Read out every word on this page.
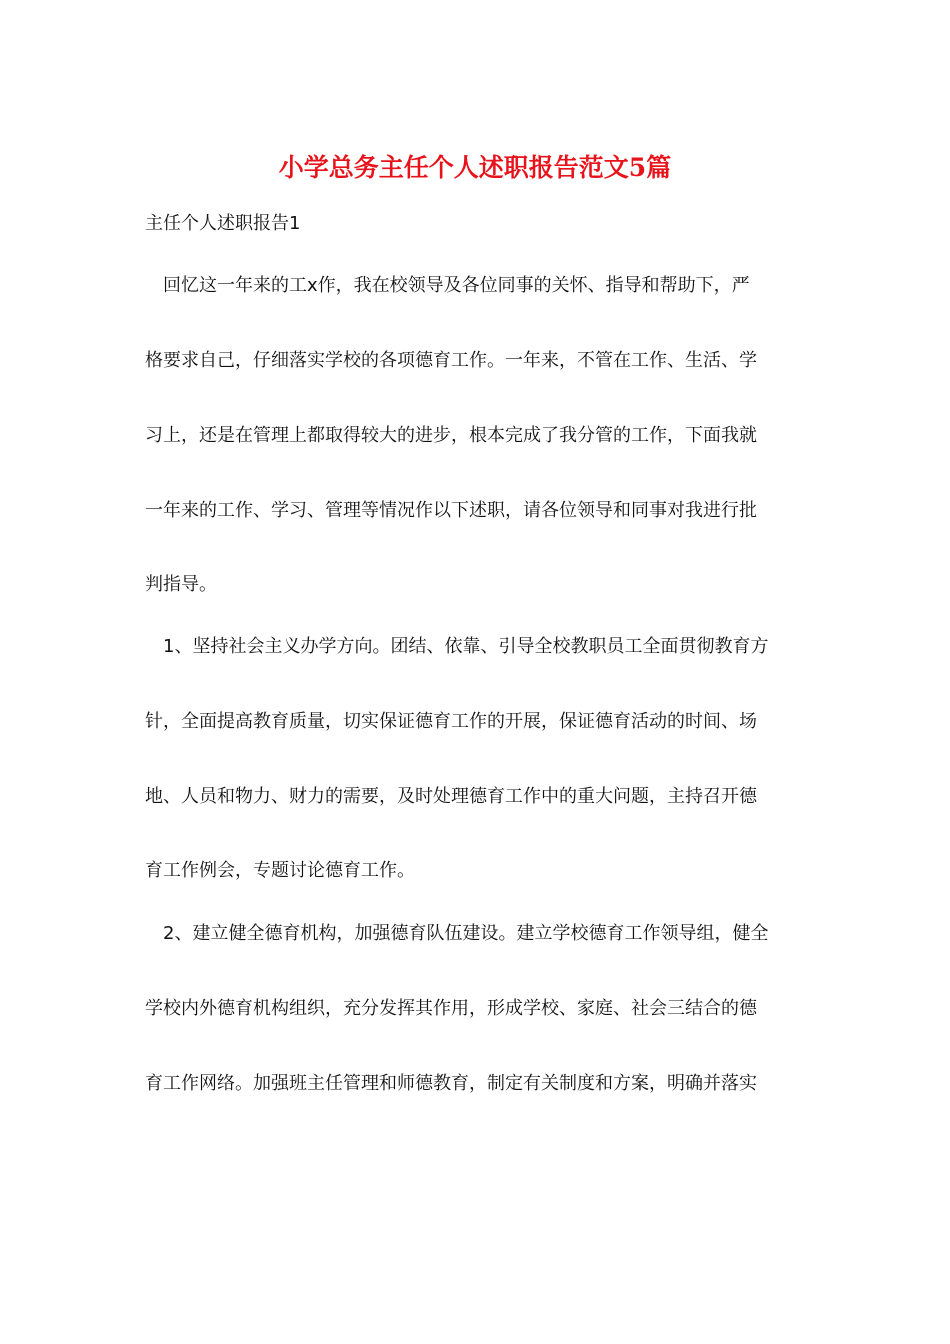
小学总务主任个人述职报告范文5篇
主任个人述职报告1
回忆这一年来的工x作，我在校领导及各位同事的关怀、指导和帮助下，严
格要求自己，仔细落实学校的各项德育工作。一年来，不管在工作、生活、学
习上，还是在管理上都取得较大的进步，根本完成了我分管的工作，下面我就
一年来的工作、学习、管理等情况作以下述职，请各位领导和同事对我进行批
判指导。
1、坚持社会主义办学方向。团结、依靠、引导全校教职员工全面贯彻教育方
针，全面提高教育质量，切实保证德育工作的开展，保证德育活动的时间、场
地、人员和物力、财力的需要，及时处理德育工作中的重大问题，主持召开德
育工作例会，专题讨论德育工作。
2、建立健全德育机构，加强德育队伍建设。建立学校德育工作领导组，健全
学校内外德育机构组织，充分发挥其作用，形成学校、家庭、社会三结合的德
育工作网络。加强班主任管理和师德教育，制定有关制度和方案，明确并落实
